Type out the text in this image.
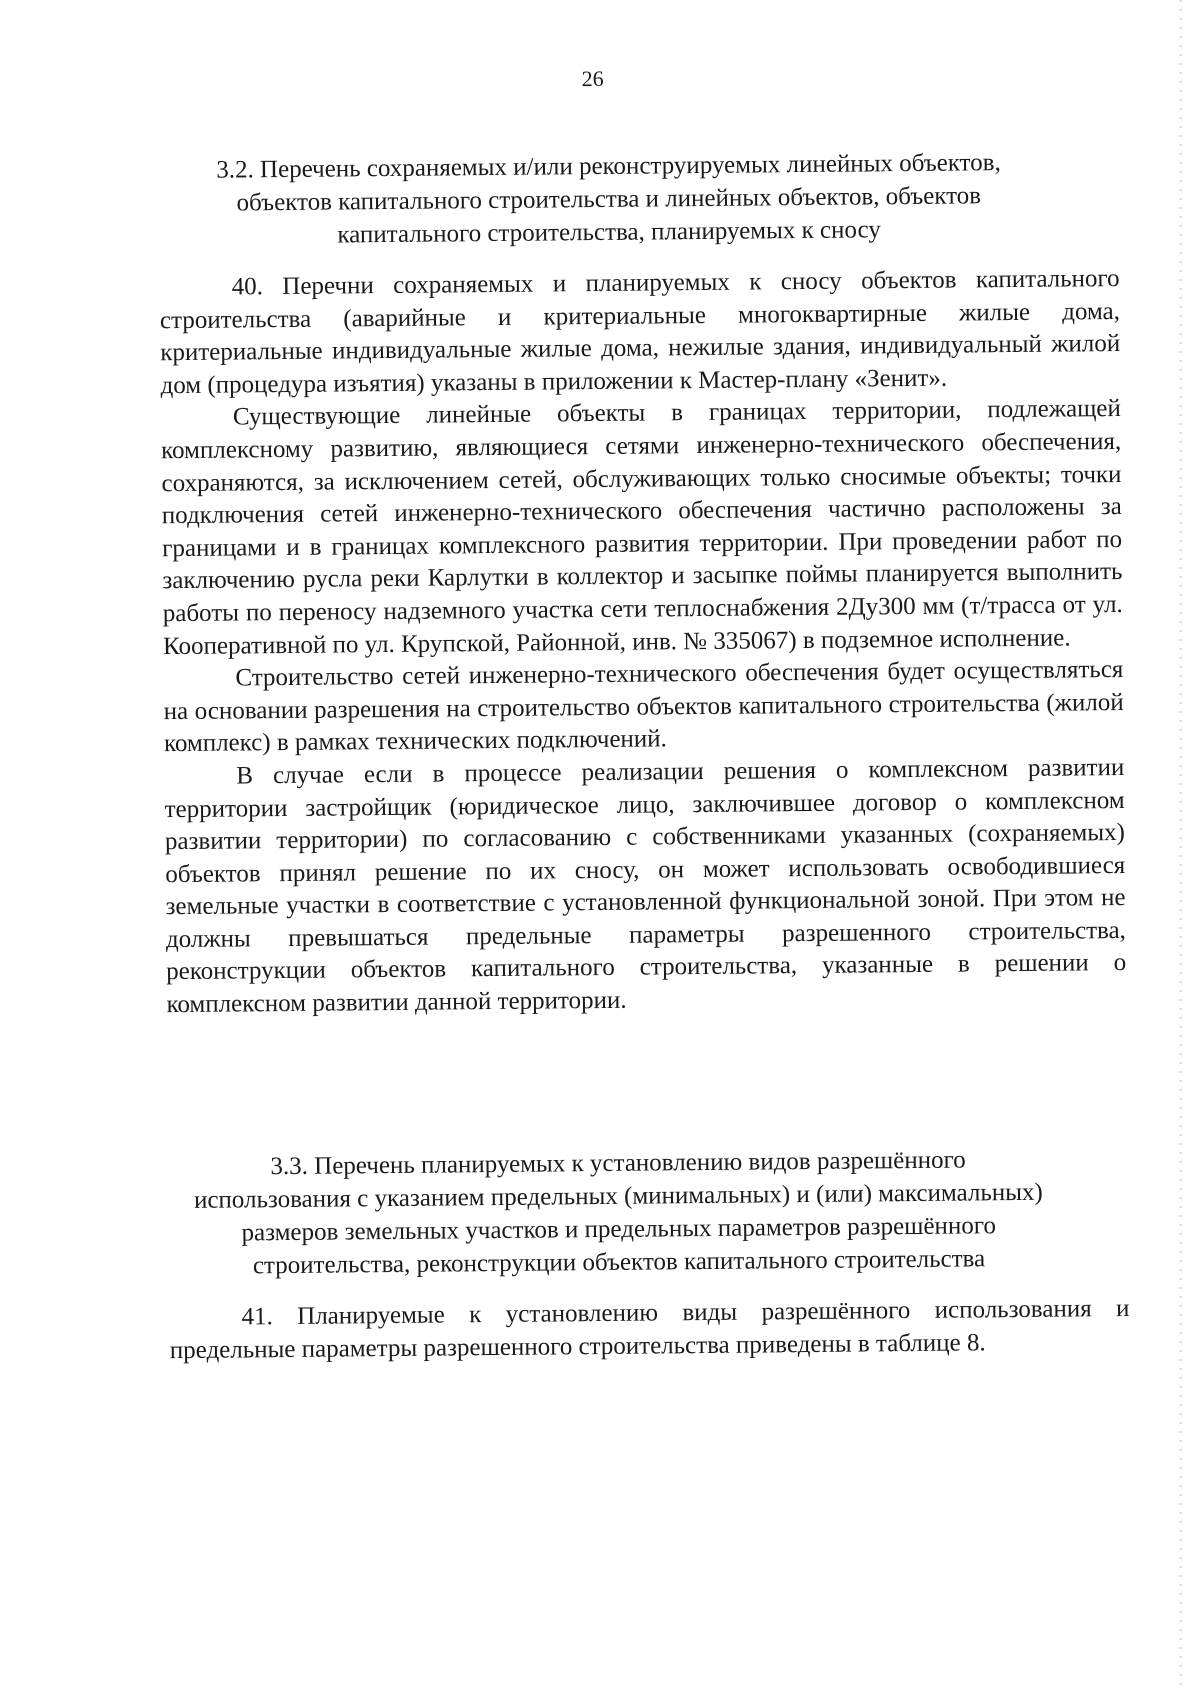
26
3.2. Перечень сохраняемых и/или реконструируемых линейных объектов,
объектов капитального строительства и линейных объектов, объектов
капитального строительства, планируемых к сносу

40. Перечни сохраняемых и планируемых к сносу объектов капитального строительства (аварийные и критериальные многоквартирные жилые дома, критериальные индивидуальные жилые дома, нежилые здания, индивидуальный жилой дом (процедура изъятия) указаны в приложении к Мастер-плану «Зенит».

Существующие линейные объекты в границах территории, подлежащей комплексному развитию, являющиеся сетями инженерно-технического обеспечения, сохраняются, за исключением сетей, обслуживающих только сносимые объекты; точки подключения сетей инженерно-технического обеспечения частично расположены за границами и в границах комплексного развития территории. При проведении работ по заключению русла реки Карлутки в коллектор и засыпке поймы планируется выполнить работы по переносу надземного участка сети теплоснабжения 2Ду300 мм (т/трасса от ул. Кооперативной по ул. Крупской, Районной, инв. № 335067) в подземное исполнение.

Строительство сетей инженерно-технического обеспечения будет осуществляться на основании разрешения на строительство объектов капитального строительства (жилой комплекс) в рамках технических подключений.

В случае если в процессе реализации решения о комплексном развитии территории застройщик (юридическое лицо, заключившее договор о комплексном развитии территории) по согласованию с собственниками указанных (сохраняемых) объектов принял решение по их сносу, он может использовать освободившиеся земельные участки в соответствие с установленной функциональной зоной. При этом не должны превышаться предельные параметры разрешенного строительства, реконструкции объектов капитального строительства, указанные в решении о комплексном развитии данной территории.

3.3. Перечень планируемых к установлению видов разрешённого
использования с указанием предельных (минимальных) и (или) максимальных)
размеров земельных участков и предельных параметров разрешённого
строительства, реконструкции объектов капитального строительства

41. Планируемые к установлению виды разрешённого использования и предельные параметры разрешенного строительства приведены в таблице 8.
